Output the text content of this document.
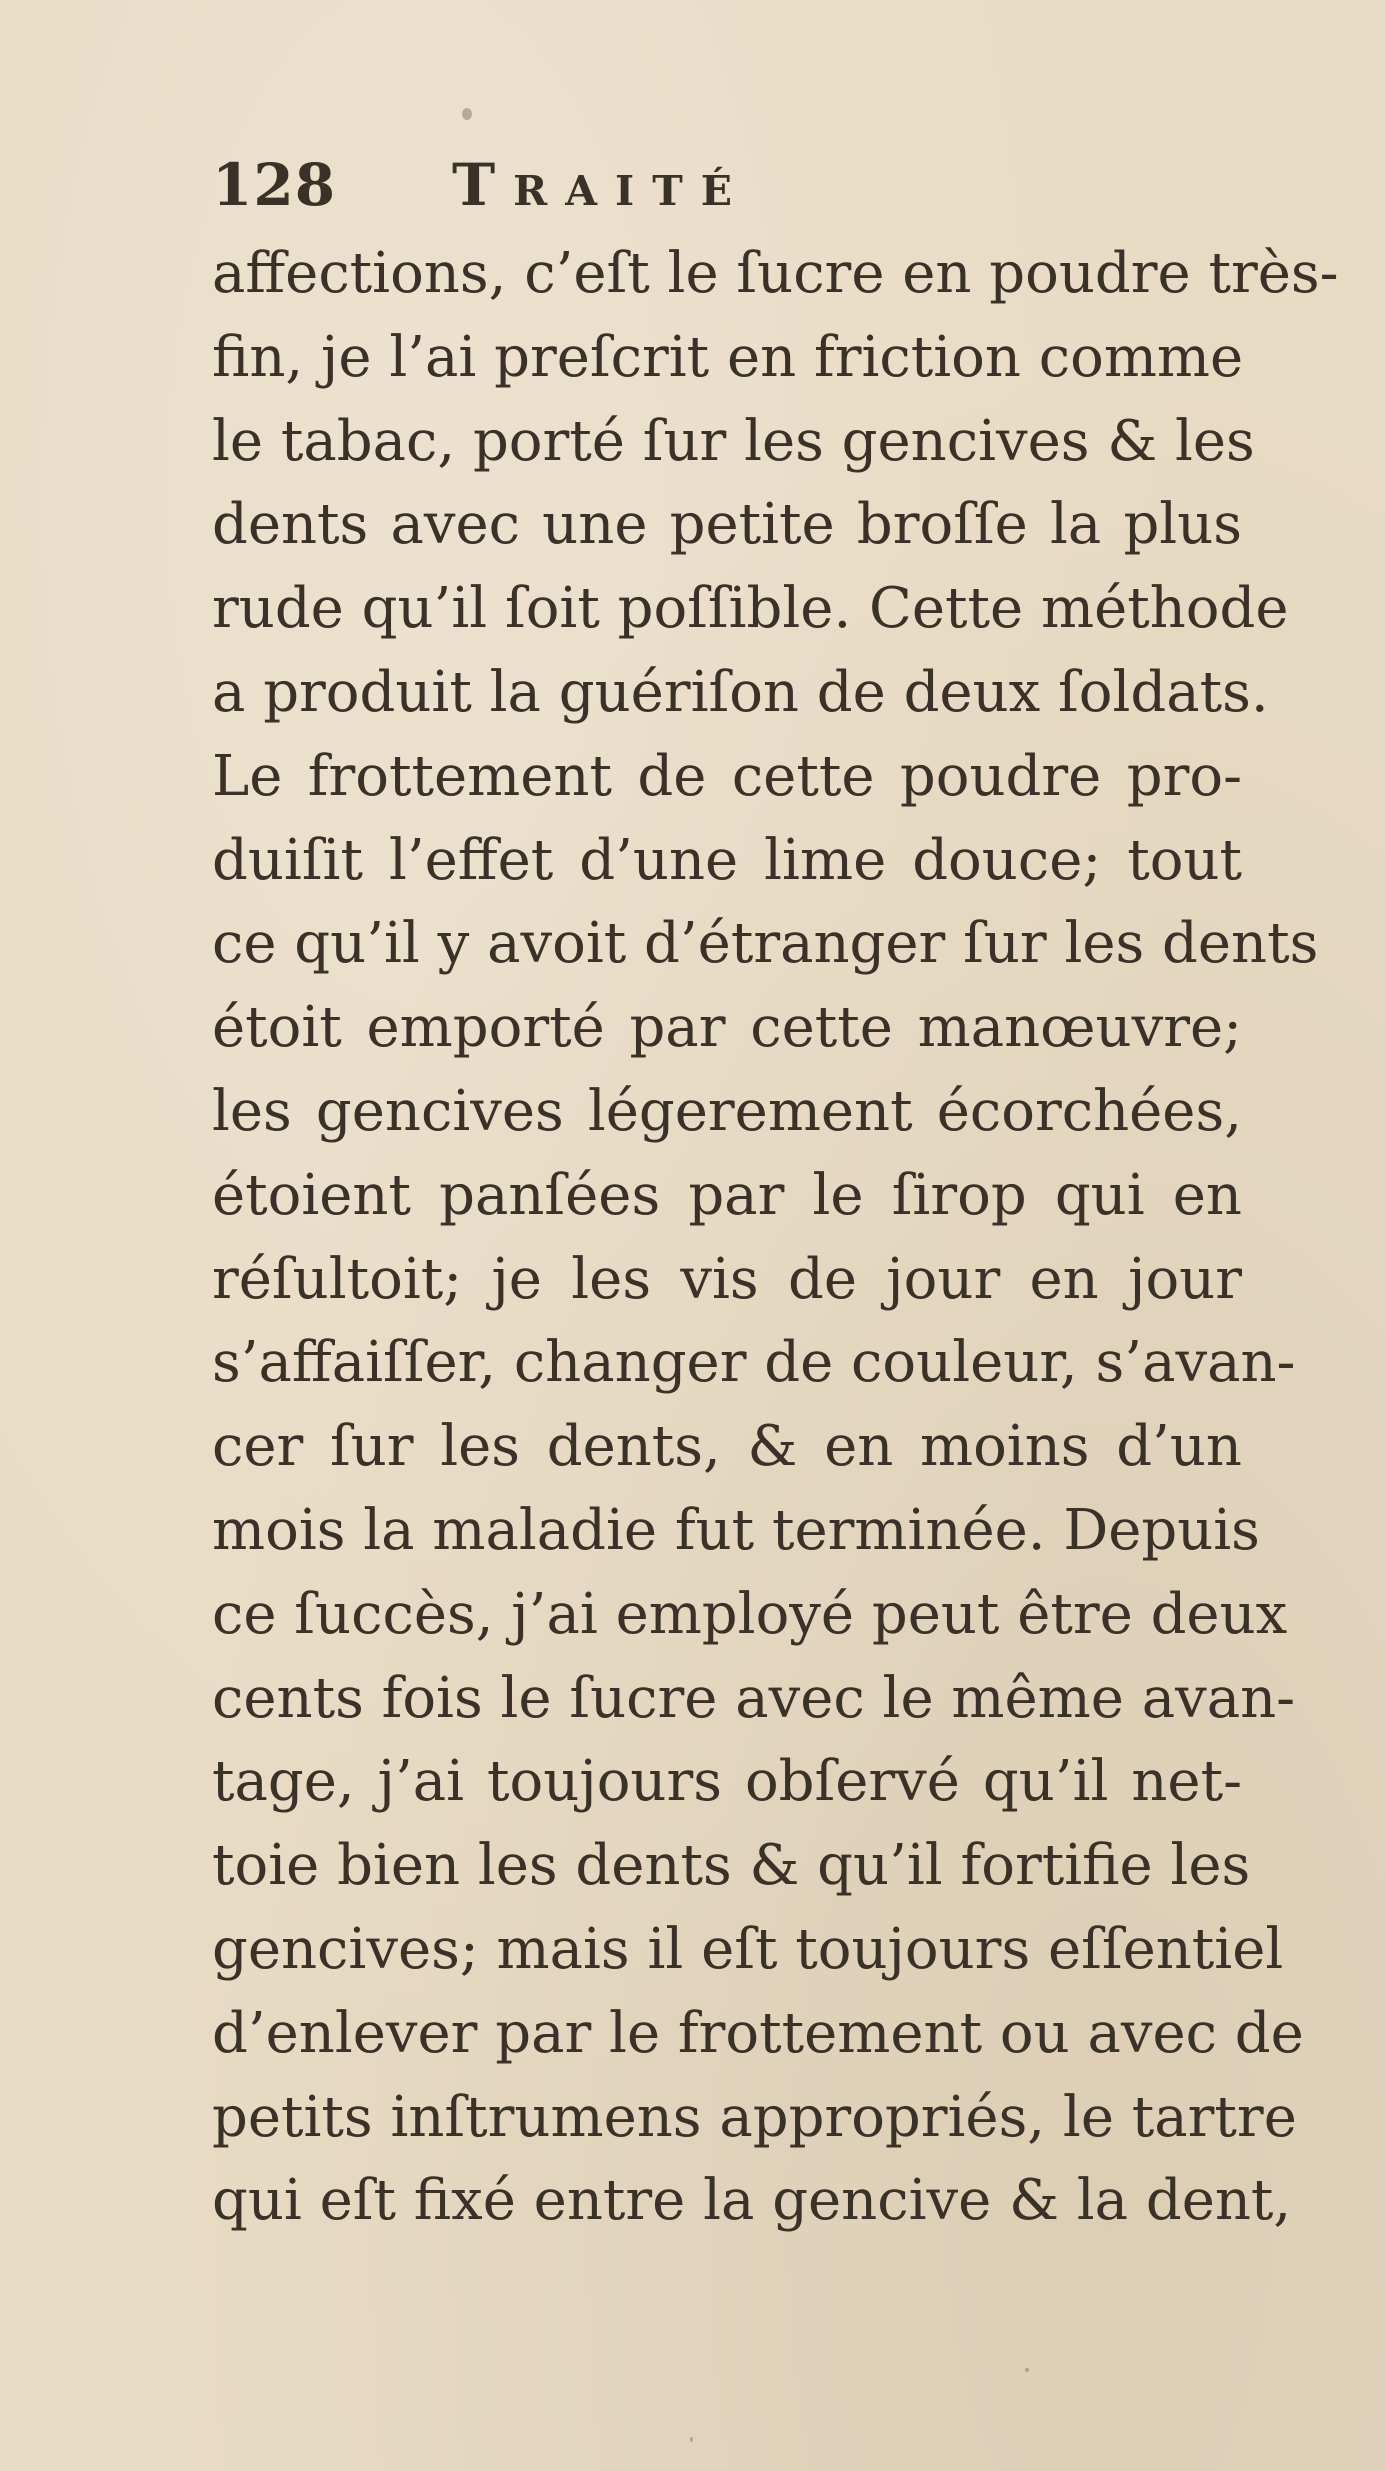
128 Traité
affections, c’eſt le ſucre en poudre très-
fin, je l’ai preſcrit en friction comme
le tabac, porté ſur les gencives & les
dents avec une petite broſſe la plus
rude qu’il ſoit poſſible. Cette méthode
a produit la guériſon de deux ſoldats.
Le frottement de cette poudre pro-
duiſit l’effet d’une lime douce; tout
ce qu’il y avoit d’étranger ſur les dents
étoit emporté par cette manœuvre;
les gencives légerement écorchées,
étoient panſées par le ſirop qui en
réſultoit; je les vis de jour en jour
s’affaiſſer, changer de couleur, s’avan-
cer ſur les dents, & en moins d’un
mois la maladie fut terminée. Depuis
ce ſuccès, j’ai employé peut être deux
cents fois le ſucre avec le même avan-
tage, j’ai toujours obſervé qu’il net-
toie bien les dents & qu’il fortifie les
gencives; mais il eſt toujours eſſentiel
d’enlever par le frottement ou avec de
petits inſtrumens appropriés, le tartre
qui eſt fixé entre la gencive & la dent,
